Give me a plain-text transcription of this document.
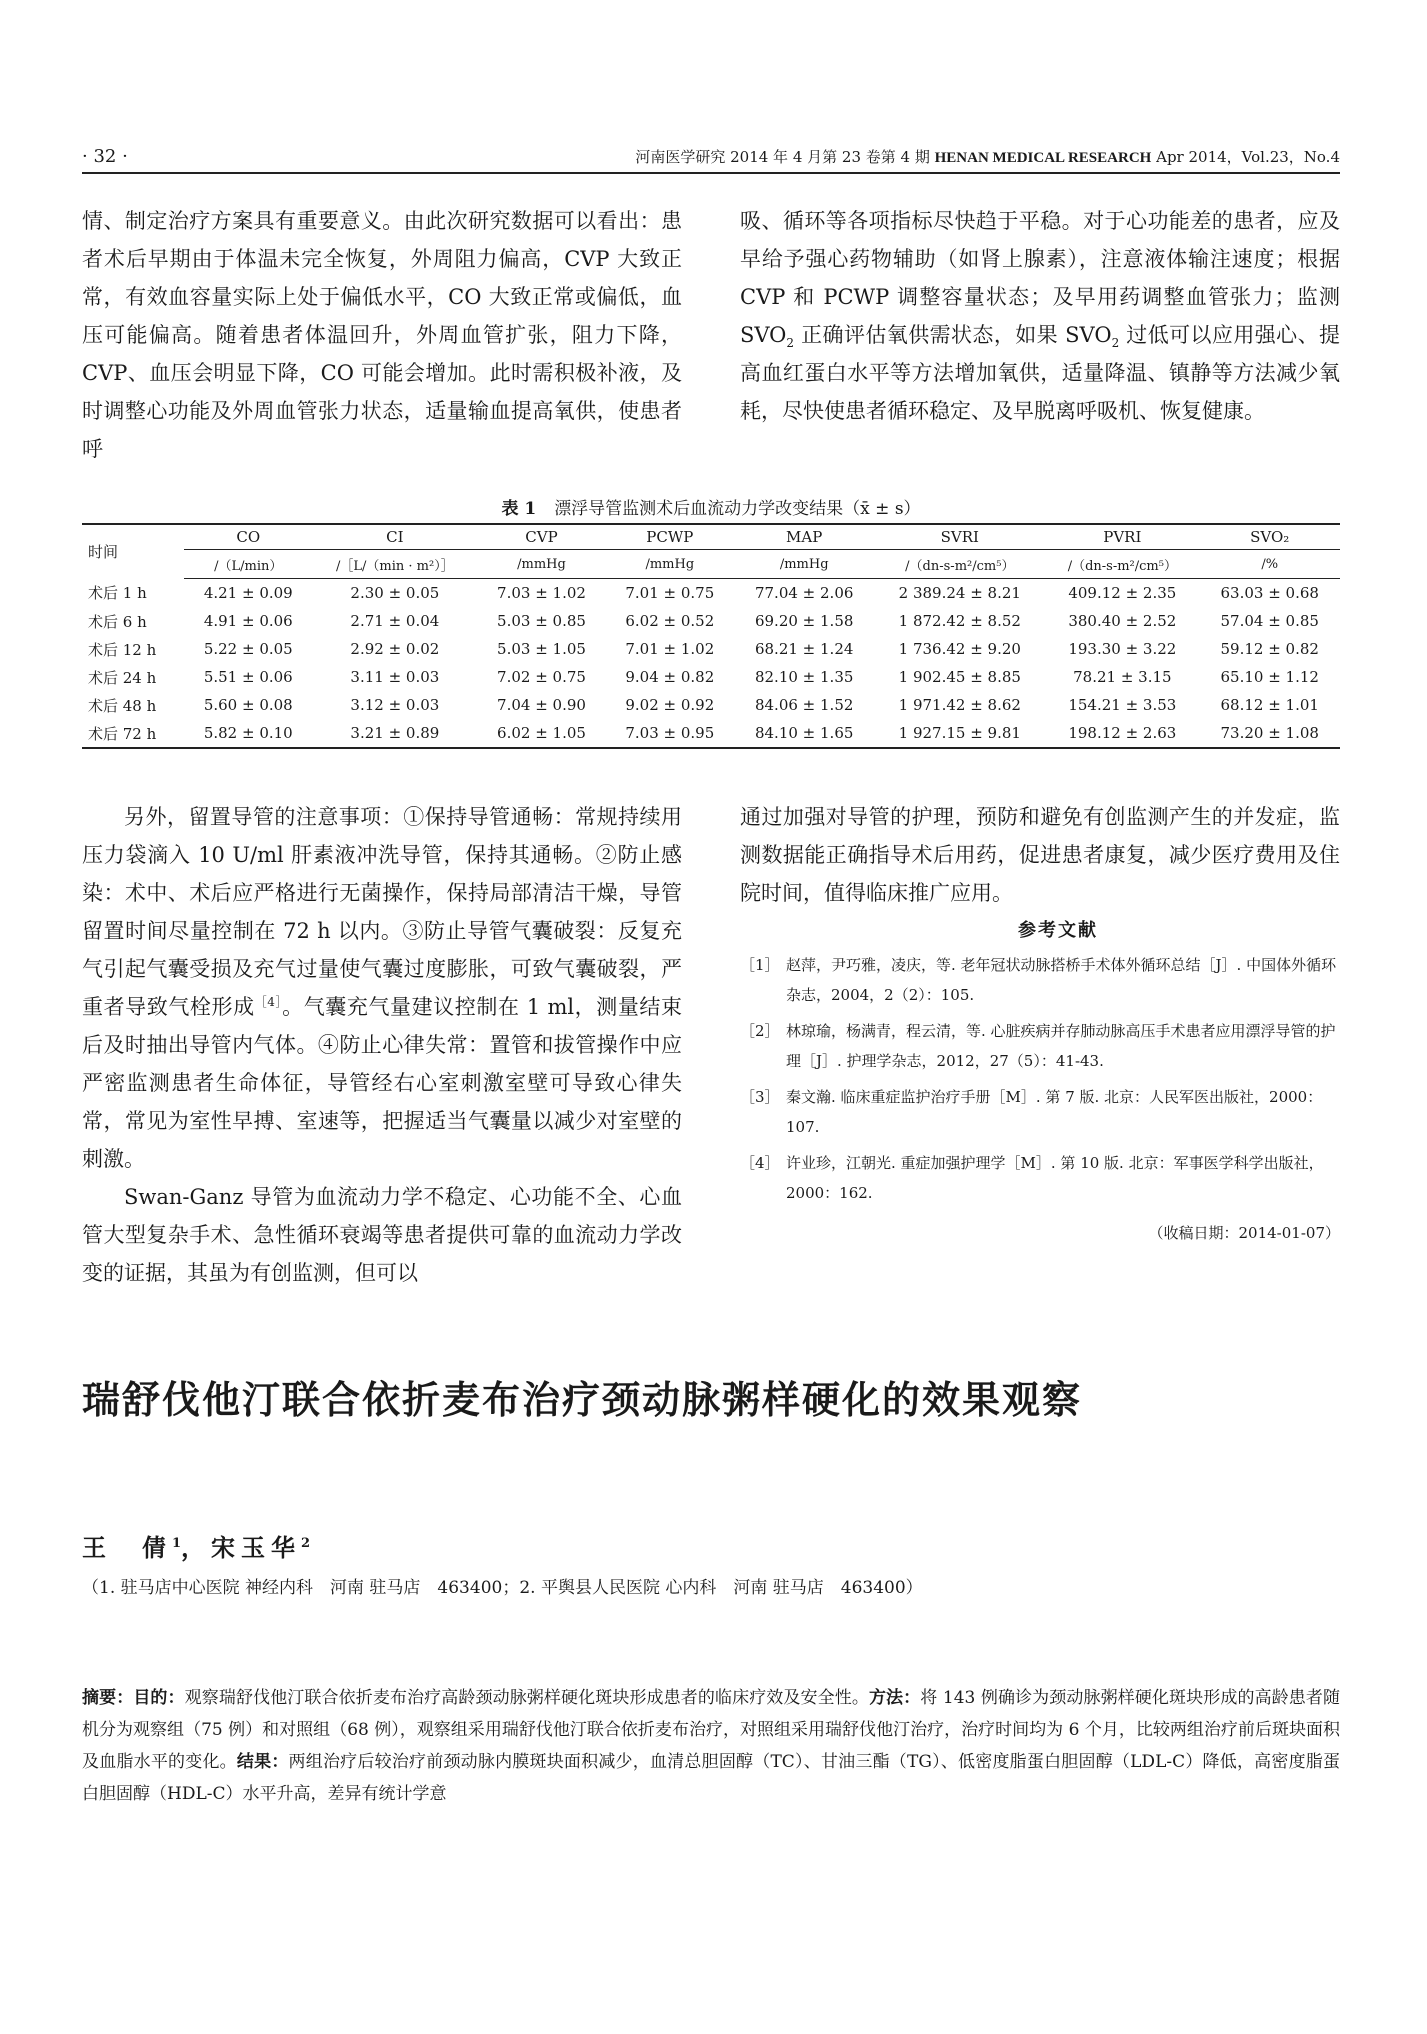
· 32 ·	河南医学研究 2014 年 4 月第 23 卷第 4 期 HENAN MEDICAL RESEARCH Apr 2014，Vol.23，No.4

情、制定治疗方案具有重要意义。由此次研究数据可以看出：患者术后早期由于体温未完全恢复，外周阻力偏高，CVP 大致正常，有效血容量实际上处于偏低水平，CO 大致正常或偏低，血压可能偏高。随着患者体温回升，外周血管扩张，阻力下降，CVP、血压会明显下降，CO 可能会增加。此时需积极补液，及时调整心功能及外周血管张力状态，适量输血提高氧供，使患者呼

吸、循环等各项指标尽快趋于平稳。对于心功能差的患者，应及早给予强心药物辅助（如肾上腺素），注意液体输注速度；根据 CVP 和 PCWP 调整容量状态；及早用药调整血管张力；监测 $SVO_2$ 正确评估氧供需状态，如果 $SVO_2$ 过低可以应用强心、提高血红蛋白水平等方法增加氧供，适量降温、镇静等方法减少氧耗，尽快使患者循环稳定、及早脱离呼吸机、恢复健康。

表 1 漂浮导管监测术后血流动力学改变结果（x̄ ± s）
时间	CO	CI	CVP	PCWP	MAP	SVRI	PVRI	SVO₂
	/（L/min）	/［L/（min · m²）］	/mmHg	/mmHg	/mmHg	/（dn-s-m²/cm⁵）	/（dn-s-m²/cm⁵）	/%
术后 1 h	4.21 ± 0.09	2.30 ± 0.05	7.03 ± 1.02	7.01 ± 0.75	77.04 ± 2.06	2 389.24 ± 8.21	409.12 ± 2.35	63.03 ± 0.68
术后 6 h	4.91 ± 0.06	2.71 ± 0.04	5.03 ± 0.85	6.02 ± 0.52	69.20 ± 1.58	1 872.42 ± 8.52	380.40 ± 2.52	57.04 ± 0.85
术后 12 h	5.22 ± 0.05	2.92 ± 0.02	5.03 ± 1.05	7.01 ± 1.02	68.21 ± 1.24	1 736.42 ± 9.20	193.30 ± 3.22	59.12 ± 0.82
术后 24 h	5.51 ± 0.06	3.11 ± 0.03	7.02 ± 0.75	9.04 ± 0.82	82.10 ± 1.35	1 902.45 ± 8.85	78.21 ± 3.15	65.10 ± 1.12
术后 48 h	5.60 ± 0.08	3.12 ± 0.03	7.04 ± 0.90	9.02 ± 0.92	84.06 ± 1.52	1 971.42 ± 8.62	154.21 ± 3.53	68.12 ± 1.01
术后 72 h	5.82 ± 0.10	3.21 ± 0.89	6.02 ± 1.05	7.03 ± 0.95	84.10 ± 1.65	1 927.15 ± 9.81	198.12 ± 2.63	73.20 ± 1.08

另外，留置导管的注意事项：①保持导管通畅：常规持续用压力袋滴入 10 U/ml 肝素液冲洗导管，保持其通畅。②防止感染：术中、术后应严格进行无菌操作，保持局部清洁干燥，导管留置时间尽量控制在 72 h 以内。③防止导管气囊破裂：反复充气引起气囊受损及充气过量使气囊过度膨胀，可致气囊破裂，严重者导致气栓形成$^{[4]}$。气囊充气量建议控制在 1 ml，测量结束后及时抽出导管内气体。④防止心律失常：置管和拔管操作中应严密监测患者生命体征，导管经右心室刺激室壁可导致心律失常，常见为室性早搏、室速等，把握适当气囊量以减少对室壁的刺激。

Swan-Ganz 导管为血流动力学不稳定、心功能不全、心血管大型复杂手术、急性循环衰竭等患者提供可靠的血流动力学改变的证据，其虽为有创监测，但可以

通过加强对导管的护理，预防和避免有创监测产生的并发症，监测数据能正确指导术后用药，促进患者康复，减少医疗费用及住院时间，值得临床推广应用。

参考文献

［1］ 赵萍，尹巧雅，凌庆，等. 老年冠状动脉搭桥手术体外循环总结［J］. 中国体外循环杂志，2004，2（2）：105.
［2］ 林琼瑜，杨满青，程云清，等. 心脏疾病并存肺动脉高压手术患者应用漂浮导管的护理［J］. 护理学杂志，2012，27（5）：41-43.
［3］ 秦文瀚. 临床重症监护治疗手册［M］. 第 7 版. 北京：人民军医出版社，2000：107.
［4］ 许业珍，江朝光. 重症加强护理学［M］. 第 10 版. 北京：军事医学科学出版社，2000：162.
（收稿日期：2014-01-07）
瑞舒伐他汀联合依折麦布治疗颈动脉粥样硬化的效果观察
王　倩$^1$，宋玉华$^2$
（1. 驻马店中心医院 神经内科　河南 驻马店　463400；2. 平舆县人民医院 心内科　河南 驻马店　463400）
摘要：目的：观察瑞舒伐他汀联合依折麦布治疗高龄颈动脉粥样硬化斑块形成患者的临床疗效及安全性。方法：将 143 例确诊为颈动脉粥样硬化斑块形成的高龄患者随机分为观察组（75 例）和对照组（68 例），观察组采用瑞舒伐他汀联合依折麦布治疗，对照组采用瑞舒伐他汀治疗，治疗时间均为 6 个月，比较两组治疗前后斑块面积及血脂水平的变化。结果：两组治疗后较治疗前颈动脉内膜斑块面积减少，血清总胆固醇（TC）、甘油三酯（TG）、低密度脂蛋白胆固醇（LDL-C）降低，高密度脂蛋白胆固醇（HDL-C）水平升高，差异有统计学意
